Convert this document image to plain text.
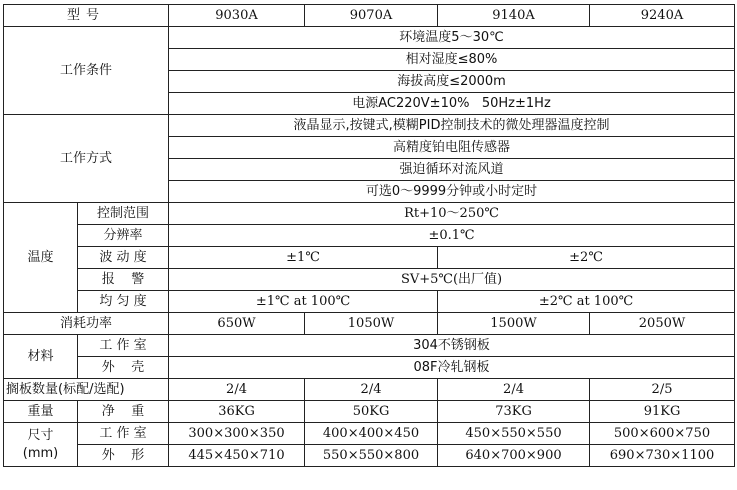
型号		9030A	9070A	9140A	9240A
工作条件		环境温度5～30℃			
		相对湿度≤80%			
		海拔高度≤2000m			
		电源AC220V±10%   50Hz±1Hz			
工作方式		液晶显示,按键式,模糊PID控制技术的微处理器温度控制			
		高精度铂电阻传感器			
		强迫循环对流风道			
		可选0～9999分钟或小时定时			
温度	控制范围	Rt+10～250℃			
	分辨率	±0.1℃			
	波 动 度	±1℃		±2℃	
	报    警	SV+5℃(出厂值)			
	均 匀 度	±1℃ at 100℃		±2℃ at 100℃	
消耗功率		650W	1050W	1500W	2050W
材料	工 作 室	304不锈钢板			
	外    壳	08F冷轧钢板			
搁板数量(标配/选配)		2/4	2/4	2/4	2/5
重量	净    重	36KG	50KG	73KG	91KG

尺寸
(mm)	工 作 室	300×300×350	400×400×450	450×550×550	500×600×750
	外    形	445×450×710	550×550×800	640×700×900	690×730×1100
